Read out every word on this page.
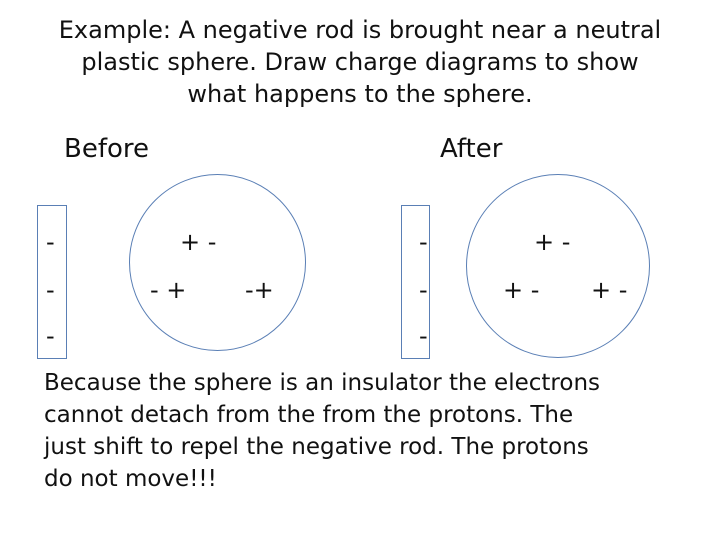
Example: A negative rod is brought near a neutral
plastic sphere. Draw charge diagrams to show
what happens to the sphere.
Before
-
-
-
+ -
- + -+
After
-
-
-
+ -
+ - + -
Because the sphere is an insulator the electrons
cannot detach from the from the protons. The
just shift to repel the negative rod. The protons
do not move!!!
